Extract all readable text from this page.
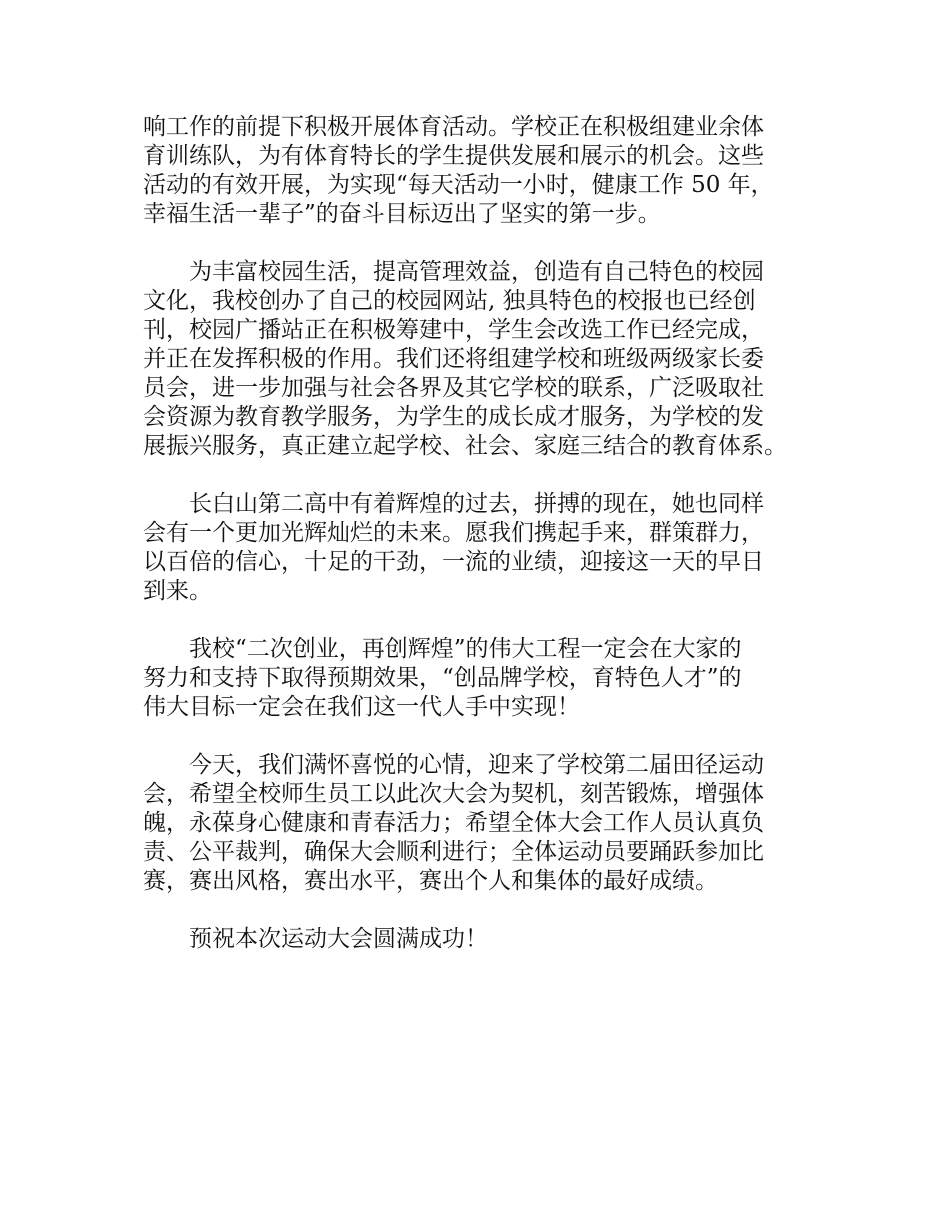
响工作的前提下积极开展体育活动。学校正在积极组建业余体
育训练队，为有体育特长的学生提供发展和展示的机会。这些
活动的有效开展，为实现“每天活动一小时，健康工作 50 年，
幸福生活一辈子”的奋斗目标迈出了坚实的第一步。

为丰富校园生活，提高管理效益，创造有自己特色的校园
文化，我校创办了自己的校园网站, 独具特色的校报也已经创
刊，校园广播站正在积极筹建中，学生会改选工作已经完成，
并正在发挥积极的作用。我们还将组建学校和班级两级家长委
员会，进一步加强与社会各界及其它学校的联系，广泛吸取社
会资源为教育教学服务，为学生的成长成才服务，为学校的发
展振兴服务，真正建立起学校、社会、家庭三结合的教育体系。

长白山第二高中有着辉煌的过去，拼搏的现在，她也同样
会有一个更加光辉灿烂的未来。愿我们携起手来，群策群力，
以百倍的信心，十足的干劲，一流的业绩，迎接这一天的早日
到来。

我校“二次创业，再创辉煌”的伟大工程一定会在大家的
努力和支持下取得预期效果，“创品牌学校，育特色人才”的
伟大目标一定会在我们这一代人手中实现！

今天，我们满怀喜悦的心情，迎来了学校第二届田径运动
会，希望全校师生员工以此次大会为契机，刻苦锻炼，增强体
魄，永葆身心健康和青春活力；希望全体大会工作人员认真负
责、公平裁判，确保大会顺利进行；全体运动员要踊跃参加比
赛，赛出风格，赛出水平，赛出个人和集体的最好成绩。

预祝本次运动大会圆满成功！
